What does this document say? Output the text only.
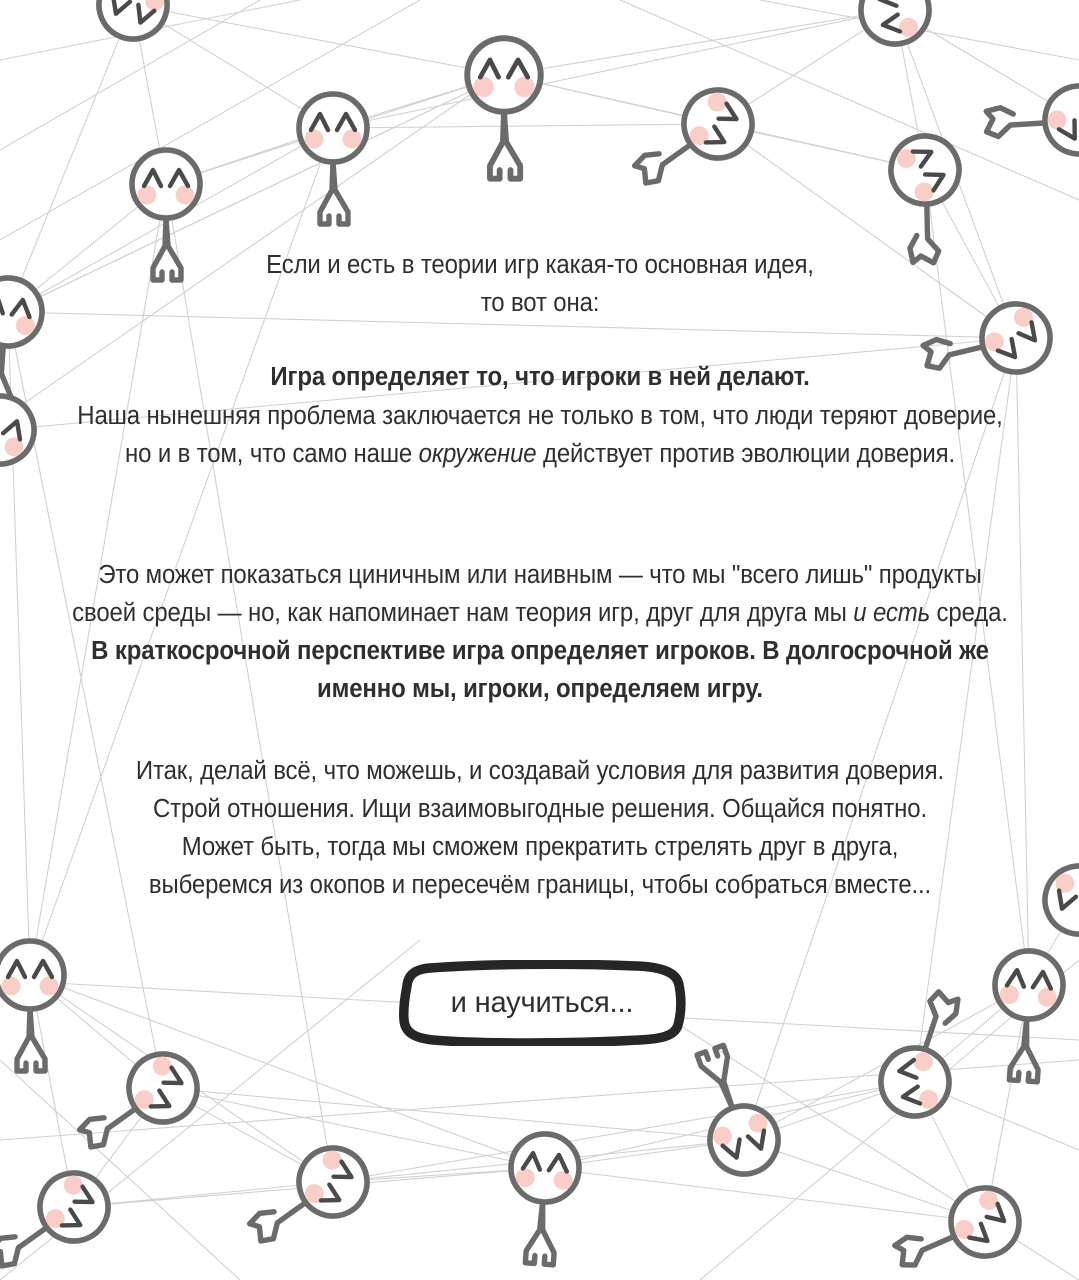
Если и есть в теории игр какая-то основная идея,
то вот она:
Игра определяет то, что игроки в ней делают.
Наша нынешняя проблема заключается не только в том, что люди теряют доверие, но и в том, что само наше окружение действует против эволюции доверия.
Это может показаться циничным или наивным — что мы "всего лишь" продукты своей среды — но, как напоминает нам теория игр, друг для друга мы и есть среда. В краткосрочной перспективе игра определяет игроков. В долгосрочной же именно мы, игроки, определяем игру.
Итак, делай всё, что можешь, и создавай условия для развития доверия.
Строй отношения. Ищи взаимовыгодные решения. Общайся понятно.
Может быть, тогда мы сможем прекратить стрелять друг в друга,
выберемся из окопов и пересечём границы, чтобы собраться вместе...
и научиться...
